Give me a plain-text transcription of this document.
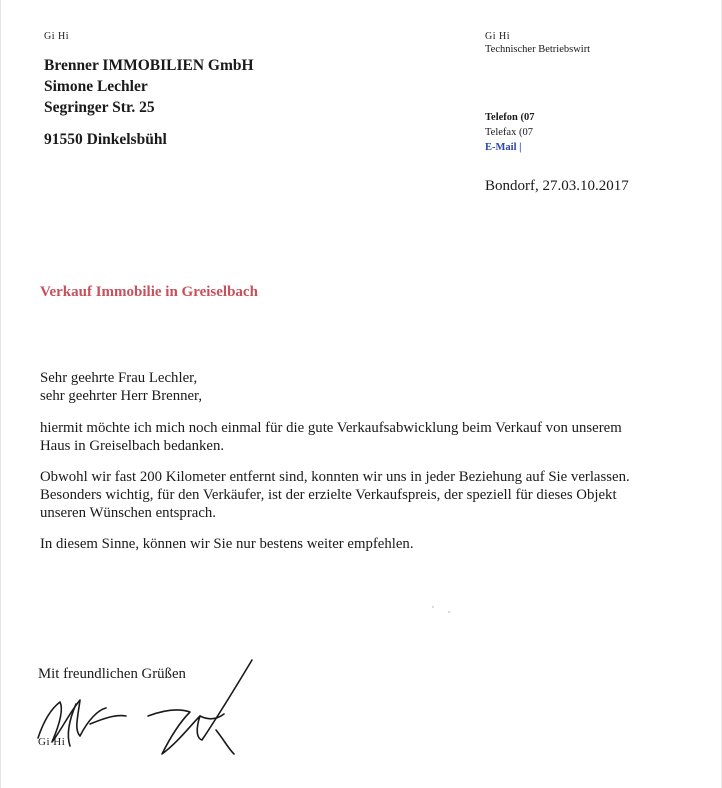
Gi Hi
Brenner IMMOBILIEN GmbH
Simone Lechler
Segringer Str. 25
91550 Dinkelsbühl
Gi Hi
Technischer Betriebswirt
Telefon (07
Telefax (07
E-Mail |
Bondorf, 27.03.10.2017
Verkauf Immobilie in Greiselbach
Sehr geehrte Frau Lechler,
sehr geehrter Herr Brenner,
hiermit möchte ich mich noch einmal für die gute Verkaufsabwicklung beim Verkauf von unserem
Haus in Greiselbach bedanken.
Obwohl wir fast 200 Kilometer entfernt sind, konnten wir uns in jeder Beziehung auf Sie verlassen.
Besonders wichtig, für den Verkäufer, ist der erzielte Verkaufspreis, der speziell für dieses Objekt
unseren Wünschen entsprach.
In diesem Sinne, können wir Sie nur bestens weiter empfehlen.
Mit freundlichen Grüßen
Gi Hi
